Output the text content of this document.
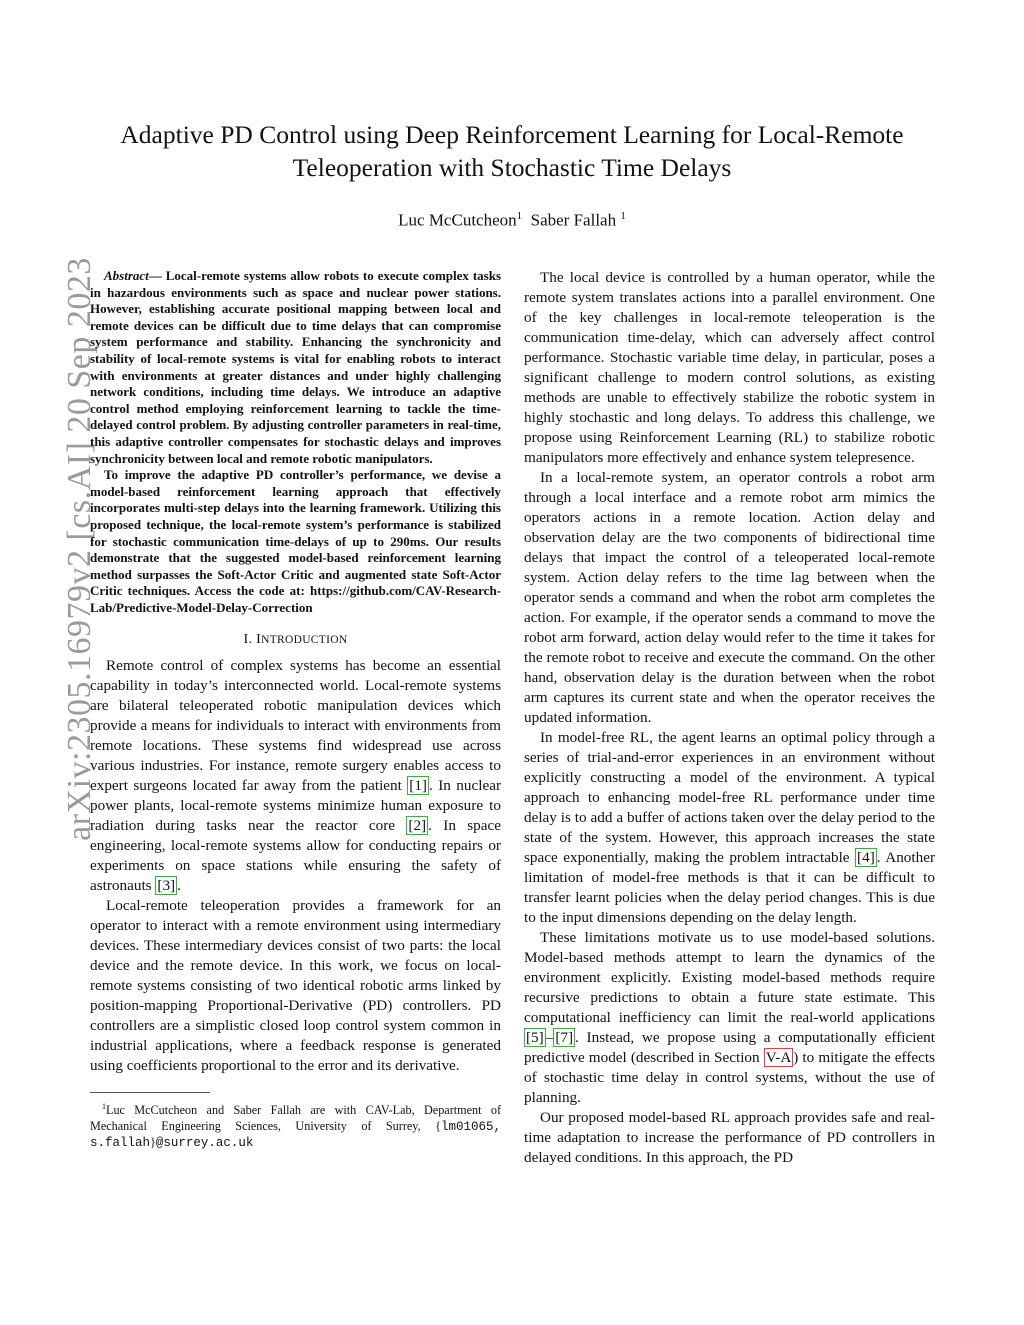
arXiv:2305.16979v2 [cs.AI] 20 Sep 2023
Adaptive PD Control using Deep Reinforcement Learning for Local-Remote Teleoperation with Stochastic Time Delays
Luc McCutcheon$^1$ Saber Fallah $^1$

Abstract— Local-remote systems allow robots to execute complex tasks in hazardous environments such as space and nuclear power stations. However, establishing accurate positional mapping between local and remote devices can be difficult due to time delays that can compromise system performance and stability. Enhancing the synchronicity and stability of local-remote systems is vital for enabling robots to interact with environments at greater distances and under highly challenging network conditions, including time delays. We introduce an adaptive control method employing reinforcement learning to tackle the time-delayed control problem. By adjusting controller parameters in real-time, this adaptive controller compensates for stochastic delays and improves synchronicity between local and remote robotic manipulators.

To improve the adaptive PD controller’s performance, we devise a model-based reinforcement learning approach that effectively incorporates multi-step delays into the learning framework. Utilizing this proposed technique, the local-remote system’s performance is stabilized for stochastic communication time-delays of up to 290ms. Our results demonstrate that the suggested model-based reinforcement learning method surpasses the Soft-Actor Critic and augmented state Soft-Actor Critic techniques. Access the code at: https://github.com/CAV-Research-Lab/Predictive-Model-Delay-Correction

I. INTRODUCTION

Remote control of complex systems has become an essential capability in today’s interconnected world. Local-remote systems are bilateral teleoperated robotic manipulation devices which provide a means for individuals to interact with environments from remote locations. These systems find widespread use across various industries. For instance, remote surgery enables access to expert surgeons located far away from the patient [1] . In nuclear power plants, local-remote systems minimize human exposure to radiation during tasks near the reactor core [2] . In space engineering, local-remote systems allow for conducting repairs or experiments on space stations while ensuring the safety of astronauts [3] .

Local-remote teleoperation provides a framework for an operator to interact with a remote environment using intermediary devices. These intermediary devices consist of two parts: the local device and the remote device. In this work, we focus on local-remote systems consisting of two identical robotic arms linked by position-mapping Proportional-Derivative (PD) controllers. PD controllers are a simplistic closed loop control system common in industrial applications, where a feedback response is generated using coefficients proportional to the error and its derivative.

$^1$Luc McCutcheon and Saber Fallah are with CAV-Lab, Department of Mechanical Engineering Sciences, University of Surrey, {lm01065, s.fallah}@surrey.ac.uk

The local device is controlled by a human operator, while the remote system translates actions into a parallel environment. One of the key challenges in local-remote teleoperation is the communication time-delay, which can adversely affect control performance. Stochastic variable time delay, in particular, poses a significant challenge to modern control solutions, as existing methods are unable to effectively stabilize the robotic system in highly stochastic and long delays. To address this challenge, we propose using Reinforcement Learning (RL) to stabilize robotic manipulators more effectively and enhance system telepresence.

In a local-remote system, an operator controls a robot arm through a local interface and a remote robot arm mimics the operators actions in a remote location. Action delay and observation delay are the two components of bidirectional time delays that impact the control of a teleoperated local-remote system. Action delay refers to the time lag between when the operator sends a command and when the robot arm completes the action. For example, if the operator sends a command to move the robot arm forward, action delay would refer to the time it takes for the remote robot to receive and execute the command. On the other hand, observation delay is the duration between when the robot arm captures its current state and when the operator receives the updated information.

In model-free RL, the agent learns an optimal policy through a series of trial-and-error experiences in an environment without explicitly constructing a model of the environment. A typical approach to enhancing model-free RL performance under time delay is to add a buffer of actions taken over the delay period to the state of the system. However, this approach increases the state space exponentially, making the problem intractable [4] . Another limitation of model-free methods is that it can be difficult to transfer learnt policies when the delay period changes. This is due to the input dimensions depending on the delay length.

These limitations motivate us to use model-based solutions. Model-based methods attempt to learn the dynamics of the environment explicitly. Existing model-based methods require recursive predictions to obtain a future state estimate. This computational inefficiency can limit the real-world applications [5] – [7] . Instead, we propose using a computationally efficient predictive model (described in Section V-A ) to mitigate the effects of stochastic time delay in control systems, without the use of planning.

Our proposed model-based RL approach provides safe and real-time adaptation to increase the performance of PD controllers in delayed conditions. In this approach, the PD
